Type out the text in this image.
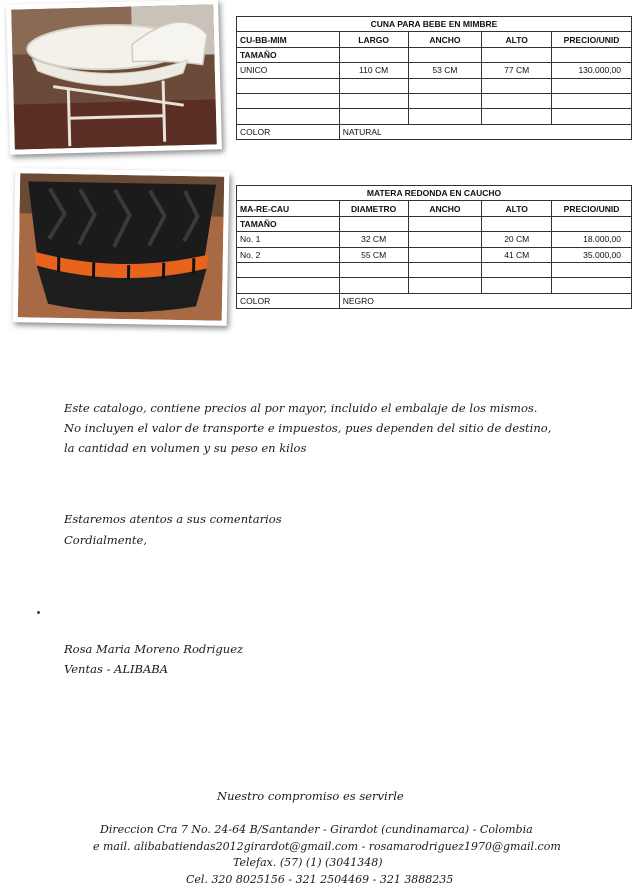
CUNA PARA BEBE EN MIMBRE				
CU-BB-MIM	LARGO	ANCHO	ALTO	PRECIO/UNID
TAMAÑO				
UNICO	110 CM	53 CM	77 CM	130.000,00

COLOR	NATURAL			
MATERA REDONDA EN CAUCHO				
MA-RE-CAU	DIAMETRO	ANCHO	ALTO	PRECIO/UNID
TAMAÑO				
No. 1	32 CM		20 CM	18.000,00
No. 2	55 CM		41 CM	35.000,00

COLOR	NEGRO			
Este catalogo, contiene precios al por mayor, incluido el embalaje de los mismos.
No incluyen el valor de transporte e impuestos, pues dependen del sitio de destino,
la cantidad en volumen y su peso en kilos
Estaremos atentos a sus comentarios
Cordialmente,
Rosa Maria Moreno Rodriguez
Ventas - ALIBABA
Nuestro compromiso es servirle
Direccion Cra 7 No. 24-64 B/Santander - Girardot (cundinamarca) - Colombia
e mail. alibabatiendas2012girardot@gmail.com - rosamarodriguez1970@gmail.com
Telefax. (57) (1) (3041348)
Cel. 320 8025156 - 321 2504469 - 321 3888235
